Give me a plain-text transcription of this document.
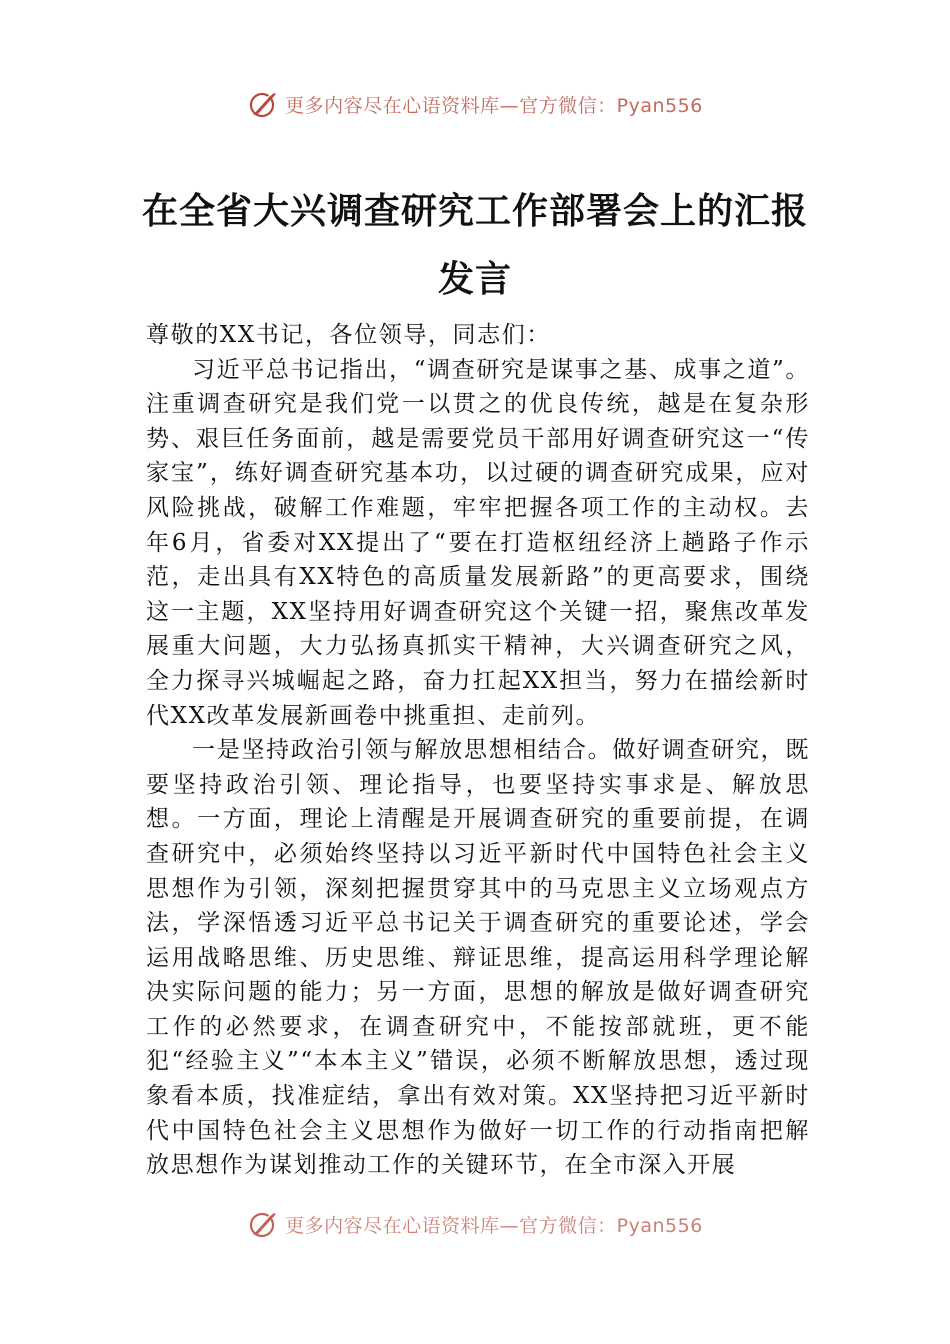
更多内容尽在心语资料库—官方微信：Pyan556
在全省大兴调查研究工作部署会上的汇报
发言

尊敬的XX书记，各位领导，同志们：

习近平总书记指出，“调查研究是谋事之基、成事之道”。注重调查研究是我们党一以贯之的优良传统，越是在复杂形势、艰巨任务面前，越是需要党员干部用好调查研究这一“传家宝”，练好调查研究基本功，以过硬的调查研究成果，应对风险挑战，破解工作难题，牢牢把握各项工作的主动权。去年6月，省委对XX提出了“要在打造枢纽经济上趟路子作示范，走出具有XX特色的高质量发展新路”的更高要求，围绕这一主题，XX坚持用好调查研究这个关键一招，聚焦改革发展重大问题，大力弘扬真抓实干精神，大兴调查研究之风，全力探寻兴城崛起之路，奋力扛起XX担当，努力在描绘新时代XX改革发展新画卷中挑重担、走前列。

一是坚持政治引领与解放思想相结合。做好调查研究，既要坚持政治引领、理论指导，也要坚持实事求是、解放思想。一方面，理论上清醒是开展调查研究的重要前提，在调查研究中，必须始终坚持以习近平新时代中国特色社会主义思想作为引领，深刻把握贯穿其中的马克思主义立场观点方法，学深悟透习近平总书记关于调查研究的重要论述，学会运用战略思维、历史思维、辩证思维，提高运用科学理论解决实际问题的能力；另一方面，思想的解放是做好调查研究工作的必然要求，在调查研究中，不能按部就班，更不能犯“经验主义”“本本主义”错误，必须不断解放思想，透过现象看本质，找准症结，拿出有效对策。XX坚持把习近平新时代中国特色社会主义思想作为做好一切工作的行动指南把解放思想作为谋划推动工作的关键环节，在全市深入开展

更多内容尽在心语资料库—官方微信：Pyan556
